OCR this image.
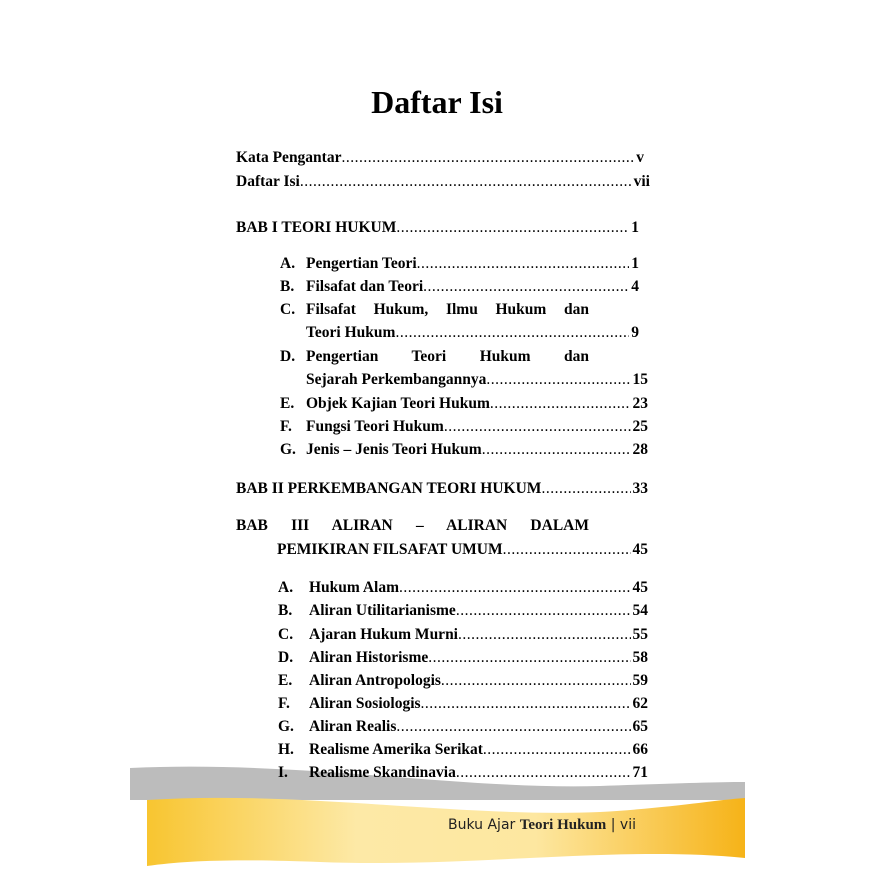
Daftar Isi
Kata Pengantar .....	v
Daftar Isi .....	vii
BAB I TEORI HUKUM .....	1
A. Pengertian Teori .....	1
B. Filsafat dan Teori .....	4
C. Filsafat Hukum, Ilmu Hukum dan
Teori Hukum .....	9
D. Pengertian Teori Hukum dan
Sejarah Perkembangannya .....	15
E. Objek Kajian Teori Hukum .....	23
F. Fungsi Teori Hukum .....	25
G. Jenis – Jenis Teori Hukum .....	28
BAB II PERKEMBANGAN TEORI HUKUM .....	33
BAB III ALIRAN – ALIRAN DALAM
PEMIKIRAN FILSAFAT UMUM .....	45
A. Hukum Alam .....	45
B. Aliran Utilitarianisme .....	54
C. Ajaran Hukum Murni .....	55
D. Aliran Historisme .....	58
E. Aliran Antropologis .....	59
F. Aliran Sosiologis .....	62
G. Aliran Realis .....	65
H. Realisme Amerika Serikat .....	66
I. Realisme Skandinavia .....	71
Buku Ajar Teori Hukum | vii
